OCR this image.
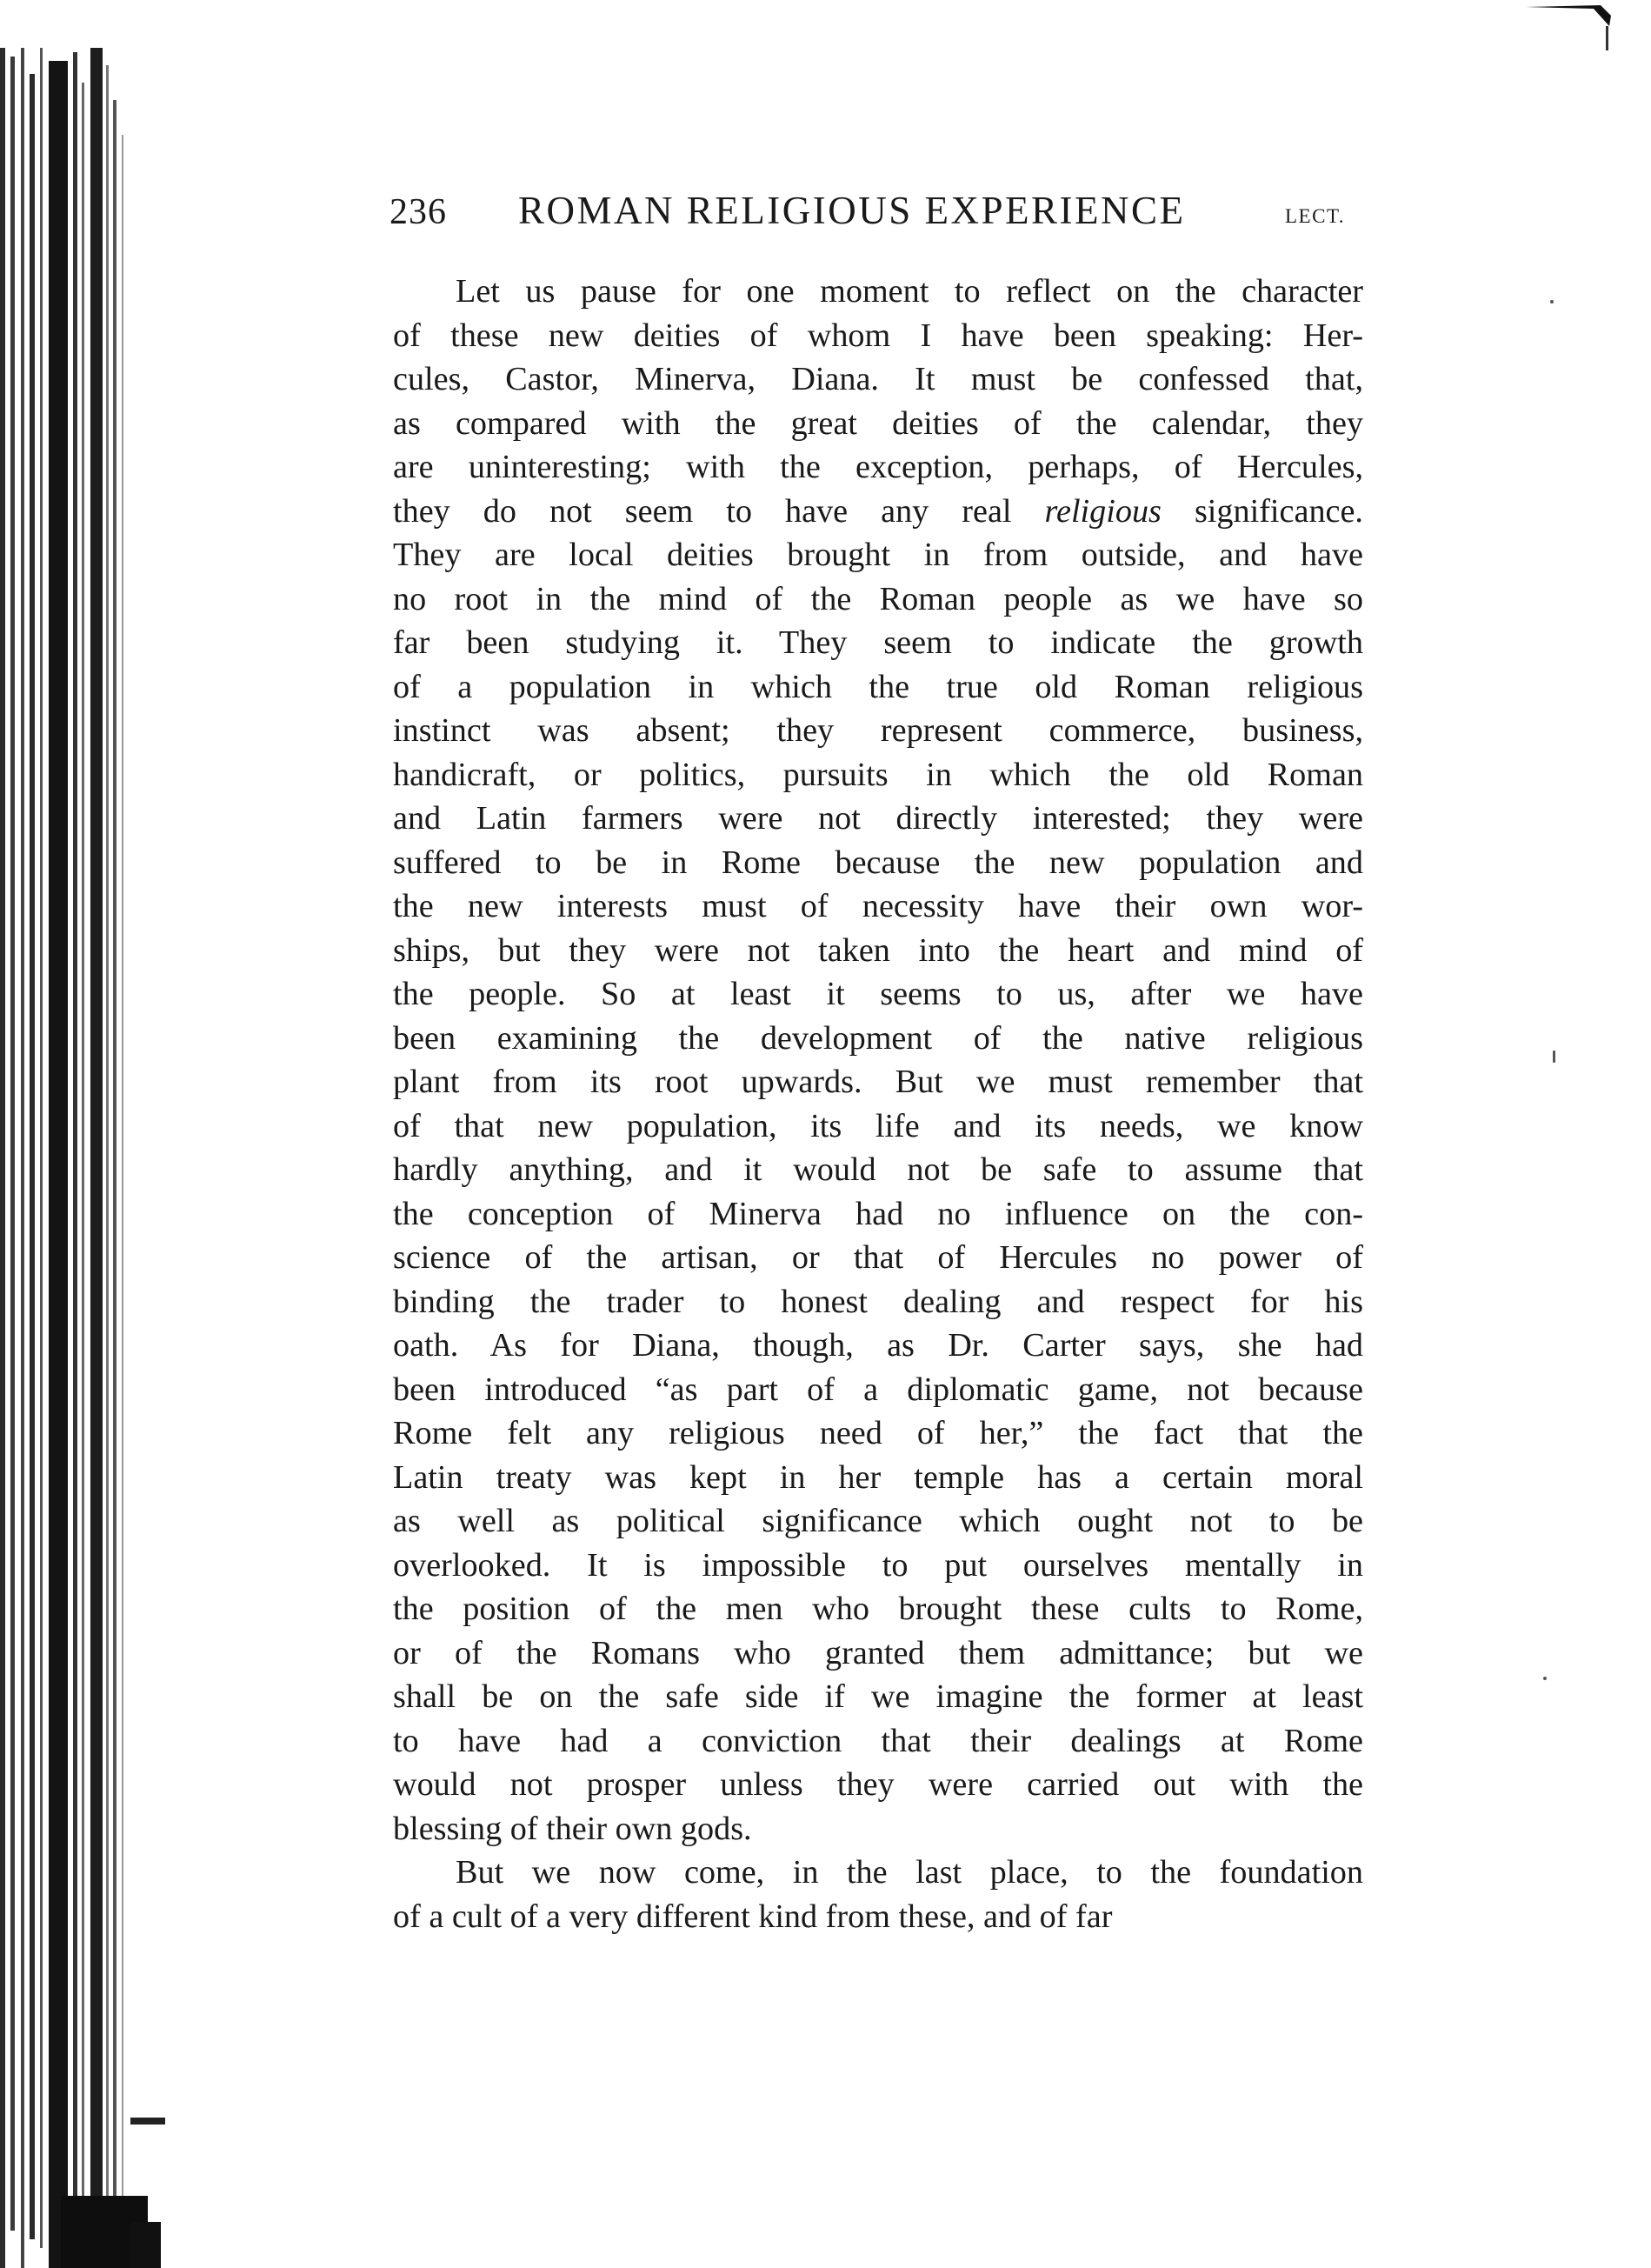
236 ROMAN RELIGIOUS EXPERIENCE	LECT.
Let us pause for one moment to reflect on the character
of these new deities of whom I have been speaking: Her-
cules, Castor, Minerva, Diana. It must be confessed that,
as compared with the great deities of the calendar, they
are uninteresting; with the exception, perhaps, of Hercules,
they do not seem to have any real religious significance.
They are local deities brought in from outside, and have
no root in the mind of the Roman people as we have so
far been studying it. They seem to indicate the growth
of a population in which the true old Roman religious
instinct was absent; they represent commerce, business,
handicraft, or politics, pursuits in which the old Roman
and Latin farmers were not directly interested; they were
suffered to be in Rome because the new population and
the new interests must of necessity have their own wor-
ships, but they were not taken into the heart and mind of
the people. So at least it seems to us, after we have
been examining the development of the native religious
plant from its root upwards. But we must remember that
of that new population, its life and its needs, we know
hardly anything, and it would not be safe to assume that
the conception of Minerva had no influence on the con-
science of the artisan, or that of Hercules no power of
binding the trader to honest dealing and respect for his
oath. As for Diana, though, as Dr. Carter says, she had
been introduced “as part of a diplomatic game, not because
Rome felt any religious need of her,” the fact that the
Latin treaty was kept in her temple has a certain moral
as well as political significance which ought not to be
overlooked. It is impossible to put ourselves mentally in
the position of the men who brought these cults to Rome,
or of the Romans who granted them admittance; but we
shall be on the safe side if we imagine the former at least
to have had a conviction that their dealings at Rome
would not prosper unless they were carried out with the
blessing of their own gods.
But we now come, in the last place, to the foundation
of a cult of a very different kind from these, and of far
